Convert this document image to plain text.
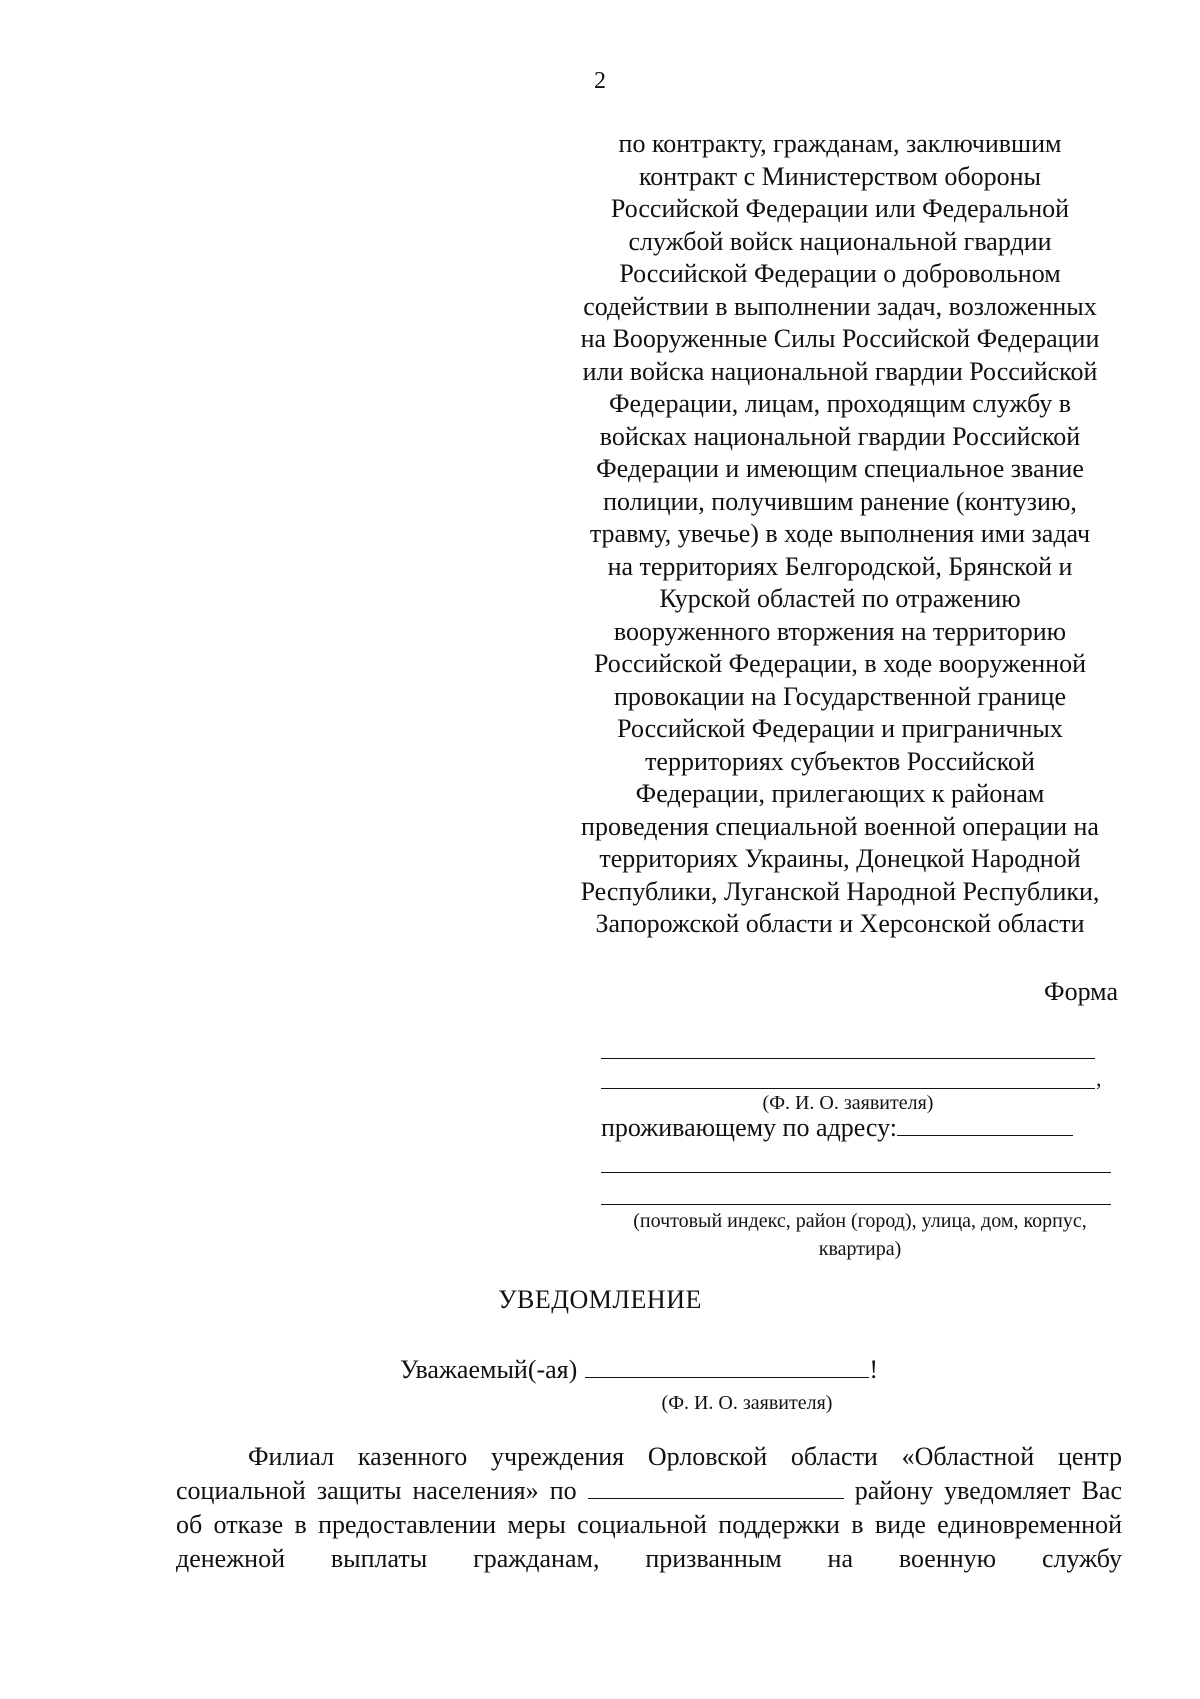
2
по контракту, гражданам, заключившим
контракт с Министерством обороны
Российской Федерации или Федеральной
службой войск национальной гвардии
Российской Федерации о добровольном
содействии в выполнении задач, возложенных
на Вооруженные Силы Российской Федерации
или войска национальной гвардии Российской
Федерации, лицам, проходящим службу в
войсках национальной гвардии Российской
Федерации и имеющим специальное звание
полиции, получившим ранение (контузию,
травму, увечье) в ходе выполнения ими задач
на территориях Белгородской, Брянской и
Курской областей по отражению
вооруженного вторжения на территорию
Российской Федерации, в ходе вооруженной
провокации на Государственной границе
Российской Федерации и приграничных
территориях субъектов Российской
Федерации, прилегающих к районам
проведения специальной военной операции на
территориях Украины, Донецкой Народной
Республики, Луганской Народной Республики,
Запорожской области и Херсонской области
Форма
,
(Ф. И. О. заявителя)
проживающему по адресу:
(почтовый индекс, район (город), улица, дом, корпус,
квартира)
УВЕДОМЛЕНИЕ
Уважаемый(-ая)	!
(Ф. И. О. заявителя)
Филиал казенного учреждения Орловской области «Областной центр
социальной защиты населения» по	району уведомляет Вас
об отказе в предоставлении меры социальной поддержки в виде единовременной
денежной выплаты гражданам, призванным на военную службу
